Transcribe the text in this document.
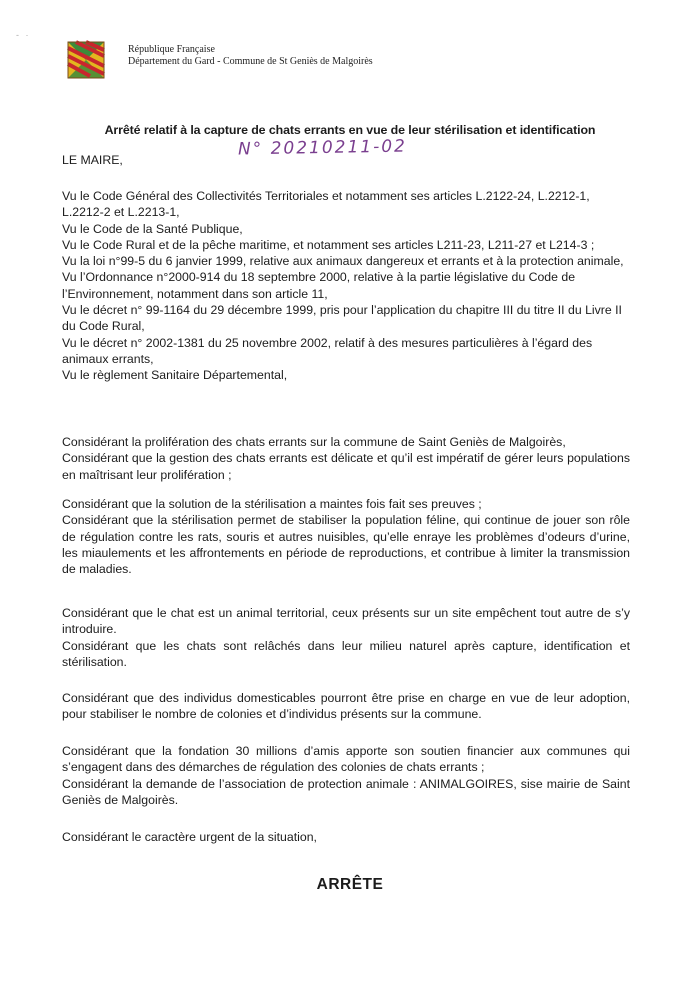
- ·
République Française
Département du Gard - Commune de St Geniès de Malgoirès
Arrêté relatif à la capture de chats errants en vue de leur stérilisation et identification
N° 20210211-02
LE MAIRE,

Vu le Code Général des Collectivités Territoriales et notamment ses articles L.2122-24, L.2212-1, L.2212-2 et L.2213-1,

Vu le Code de la Santé Publique,

Vu le Code Rural et de la pêche maritime, et notamment ses articles L211-23, L211-27 et L214-3 ;

Vu la loi n°99-5 du 6 janvier 1999, relative aux animaux dangereux et errants et à la protection animale,

Vu l’Ordonnance n°2000-914 du 18 septembre 2000, relative à la partie législative du Code de l’Environnement, notamment dans son article 11,

Vu le décret n° 99-1164 du 29 décembre 1999, pris pour l’application du chapitre III du titre II du Livre II du Code Rural,

Vu le décret n° 2002-1381 du 25 novembre 2002, relatif à des mesures particulières à l’égard des animaux errants,

Vu le règlement Sanitaire Départemental,

Considérant la prolifération des chats errants sur la commune de Saint Geniès de Malgoirès,

Considérant que la gestion des chats errants est délicate et qu’il est impératif de gérer leurs populations en maîtrisant leur prolifération ;

Considérant que la solution de la stérilisation a maintes fois fait ses preuves ;

Considérant que la stérilisation permet de stabiliser la population féline, qui continue de jouer son rôle de régulation contre les rats, souris et autres nuisibles, qu’elle enraye les problèmes d’odeurs d’urine, les miaulements et les affrontements en période de reproductions, et contribue à limiter la transmission de maladies.

Considérant que le chat est un animal territorial, ceux présents sur un site empêchent tout autre de s’y introduire.

Considérant que les chats sont relâchés dans leur milieu naturel après capture, identification et stérilisation.

Considérant que des individus domesticables pourront être prise en charge en vue de leur adoption, pour stabiliser le nombre de colonies et d’individus présents sur la commune.

Considérant que la fondation 30 millions d’amis apporte son soutien financier aux communes qui s’engagent dans des démarches de régulation des colonies de chats errants ;

Considérant la demande de l’association de protection animale : ANIMALGOIRES, sise mairie de Saint Geniès de Malgoirès.

Considérant le caractère urgent de la situation,

ARRÊTE
